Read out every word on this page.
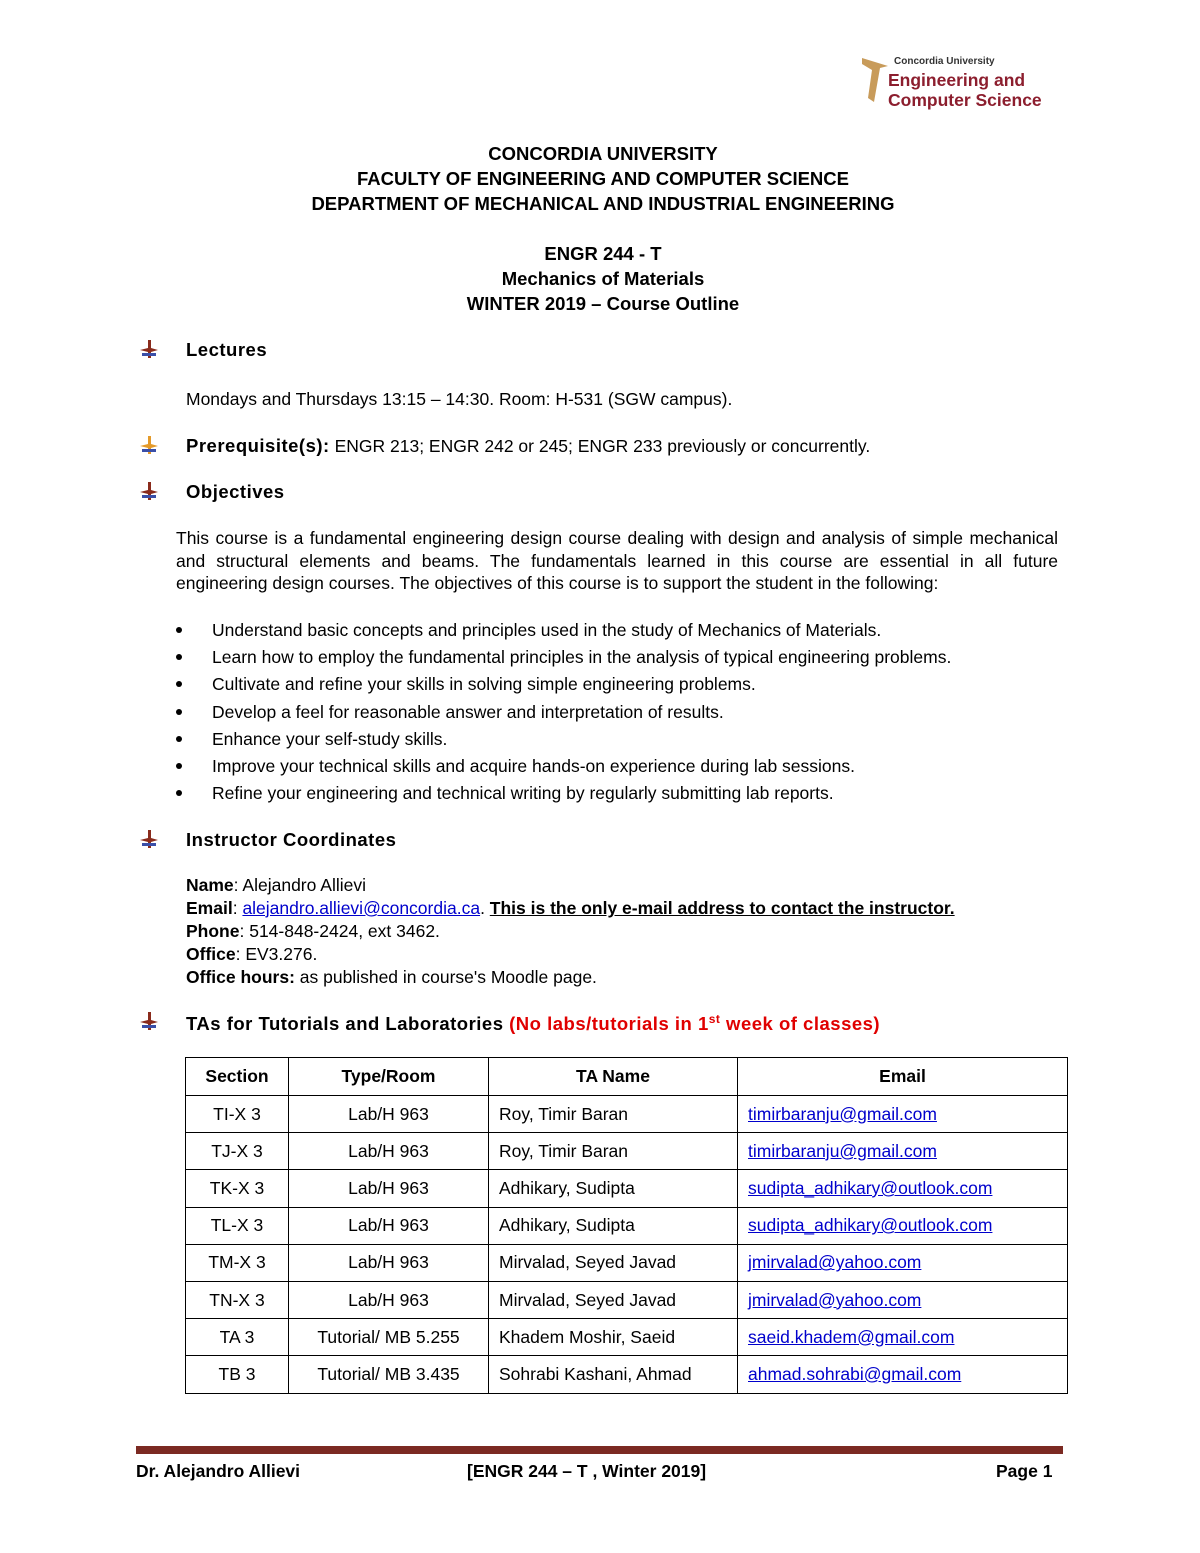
Concordia University
Engineering and
Computer Science
CONCORDIA UNIVERSITY
FACULTY OF ENGINEERING AND COMPUTER SCIENCE
DEPARTMENT OF MECHANICAL AND INDUSTRIAL ENGINEERING
ENGR 244 - T
Mechanics of Materials
WINTER 2019 – Course Outline
Lectures
Mondays and Thursdays 13:15 – 14:30. Room: H-531 (SGW campus).
Prerequisite(s): ENGR 213; ENGR 242 or 245; ENGR 233 previously or concurrently.
Objectives
This course is a fundamental engineering design course dealing with design and analysis of simple mechanical and structural elements and beams. The fundamentals learned in this course are essential in all future engineering design courses. The objectives of this course is to support the student in the following:
Understand basic concepts and principles used in the study of Mechanics of Materials.
Learn how to employ the fundamental principles in the analysis of typical engineering problems.
Cultivate and refine your skills in solving simple engineering problems.
Develop a feel for reasonable answer and interpretation of results.
Enhance your self-study skills.
Improve your technical skills and acquire hands-on experience during lab sessions.
Refine your engineering and technical writing by regularly submitting lab reports.
Instructor Coordinates
Name: Alejandro Allievi
Email: alejandro.allievi@concordia.ca. This is the only e-mail address to contact the instructor.
Phone: 514-848-2424, ext 3462.
Office: EV3.276.
Office hours: as published in course's Moodle page.
TAs for Tutorials and Laboratories (No labs/tutorials in 1st week of classes)
Section	Type/Room	TA Name	Email
TI-X 3	Lab/H 963	Roy, Timir Baran	timirbaranju@gmail.com
TJ-X 3	Lab/H 963	Roy, Timir Baran	timirbaranju@gmail.com
TK-X 3	Lab/H 963	Adhikary, Sudipta	sudipta_adhikary@outlook.com
TL-X 3	Lab/H 963	Adhikary, Sudipta	sudipta_adhikary@outlook.com
TM-X 3	Lab/H 963	Mirvalad, Seyed Javad	jmirvalad@yahoo.com
TN-X 3	Lab/H 963	Mirvalad, Seyed Javad	jmirvalad@yahoo.com
TA 3	Tutorial/ MB 5.255	Khadem Moshir, Saeid	saeid.khadem@gmail.com
TB 3	Tutorial/ MB 3.435	Sohrabi Kashani, Ahmad	ahmad.sohrabi@gmail.com
Dr. Alejandro Allievi	[ENGR 244 – T , Winter 2019]	Page 1
